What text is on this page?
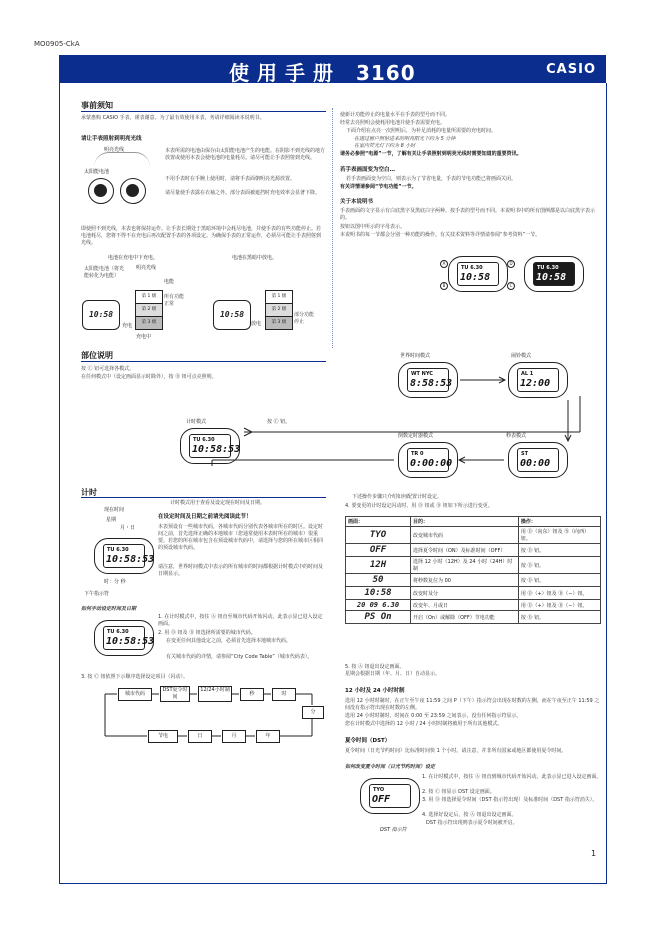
MO0905-CkA
使用手册 3160	CASIO
事前须知
承蒙惠购 CASIO 手表，谨表谢意。为了最有效使用本表，务请详细阅读本说明书。
请让手表照射到明亮光线
明亮光线
太阳能电池
本表所需的电池由保存由太阳能电池产生的电能。在阴影不到光线的地方放置或使用本表会使电池的电量耗尽。请尽可能让手表照射到光线。
不用手表时在手腕上使用时，请将手表面朝明亮光源放置。
请尽量使手表露在衣袖之外。部分表面被遮挡时充电效率会显著下降。
即使照不到光线，本表也将保持运作。让手表长期处于黑暗环境中会耗尽电池，并使手表的有些功能停止。若电池耗尽，您将不得不在充电后再次配置手表的各项设定。为确保手表的正常运作，必须尽可能让手表照射到光线。
电池在充电中下充电。	电池在黑暗中放电。
太阳能电池（将光能转化为电能）
明亮光线
电能
10:58
充电
第 1 级
第 2 级
第 3 级
所有功能正常
充电中
10:58
放电
第 1 级
第 2 级
第 3 级
部分功能停止
使新计功能停止的电量水平在手表的型号而不同。
经常去亮照明会使耗用电池并使手表需要充电。
下面介绍在点亮一次照明后，为补足消耗的电量所需要的充电时间。
在透过窗户照射进来的明亮阳光下约为 5 分钟
在室内荧光灯下约为 8 小时
请务必参照“电源”一节，了解有关让手表照射到明亮光线时需要知道的重要资讯。
若手表画面变为空白…
若手表画面变为空白，则表示为了节省电量，手表的节电功能已将画面关闭。
有关详情请参阅“节电功能”一节。
关于本说明书
手表画面的文字显示有白底黑字及黑底白字两种。按手表的型号而不同。本说明书中的所有图例都是以白底黑字表示的。
按钮以图中所示的字母表示。
本说明书的每一节都会分别一种功能的操作。有关技术资料等详情请参阅“参考资料”一节。
TU 6.30
10:58
TU 6.30
10:58
A
B
D
C
部位说明
按 Ⓒ 钮可选择各模式。
在任何模式中（设定画面显示时除外），按 Ⓑ 钮可点亮照明。
世界时间模式	闹铃模式
WT NYC
8:58:53
AL 1
12:00
计时模式
TU 6.30
10:58:53
按 Ⓒ 钮。
倒数定时器模式	秒表模式
TR 0
0:00:00
ST
00:00
计时
计时模式用于查看及设定现在时间及日期。
现在时间
星期
月・日
TU 6.30
10:58:53
时：分 秒
下午指示符
在设定时间及日期之前请先阅读此节！
本表预设有一些城市代码，各城市代码分别代表各城市所在的时区。设定时间之前，首先选择正确的本地城市（您通常使用本表时所在的城市）很重要。若您的所在城市包含在预设城市代码中，请选择与您的所在城市区相同的预设城市代码。
请注意，世界时间模式中表示的所有城市的时间都根据计时模式中的时间及日期显示。
如何手动设定时间及日期
TU 6.30
10:58:53
1. 在计时模式中，按住 Ⓐ 钮直至城市代码开始闪动。此表示显已进入设定画面。
2. 用 Ⓓ 钮及 Ⓑ 钮选择所需要的城市代码。
在变更任何其他设定之前，必须首先选择本地城市代码。
有关城市代码的详情，请参阅“City Code Table”（城市代码表）。
3. 按 Ⓒ 钮依照下示顺序选择设定项目（闪动）。
城市代码
DST夏令时间
12/24小时制
秒	时
分
年
月
日
节电
下述操作步骤只介绍如何配置计时设定。
4. 要变更的计时设定闪动时，用 Ⓓ 钮或 Ⓑ 钮如下所示进行变更。
画面：	目的：	操作：
TYO	改变城市代码	用 Ⓓ（向东）钮及 Ⓑ（向西）钮。
OFF	选择夏令时间（ON）及标准时间（OFF）	按 Ⓓ 钮。
12H	选择 12 小时（12H）及 24 小时（24H）时制	按 Ⓓ 钮。
50	将秒数复位为 00	按 Ⓓ 钮。
10:58	改变时及分	用 Ⓓ（+）钮及 Ⓑ（−）钮。
20 09 6.30	改变年、月或日	用 Ⓓ（+）钮及 Ⓑ（−）钮。
PS On	开启（On）或解除（OFF）节电功能	按 Ⓓ 钮。
5. 按 Ⓐ 钮退出设定画面。
星期会根据日期（年、月、日）自动显示。
12 小时及 24 小时时制
选用 12 小时时制时，在正午至午夜 11:59 之间 P（下午）指示符会出现在时数的左侧，而在午夜至正午 11:59 之间没有指示符出现在时数的左侧。
选用 24 小时时制时，时间在 0:00 至 23:59 之间表示，没有任何指示符显示。
您在计时模式中选择的 12 小时 / 24 小时时制将被用于所有其他模式。
夏令时间（DST）
夏令时间（日光节约时间）比标准时间快 1 个小时。请注意，并非所有国家或地区都使用夏令时间。
如何改变夏令时间（日光节约时间）设定
TYO
OFF
DST 指示符
1. 在计时模式中，按住 Ⓐ 钮直到城市代码开始闪动。此表示显已进入设定画面。
2. 按 Ⓒ 钮显示 DST 设定画面。
3. 用 Ⓓ 钮选择夏令时间（DST 指示符出现）及标准时间（DST 指示符消失）。
4. 选择好设定后，按 Ⓐ 钮退出设定画面。
DST 指示符出现则表示夏令时间被开启。
1
